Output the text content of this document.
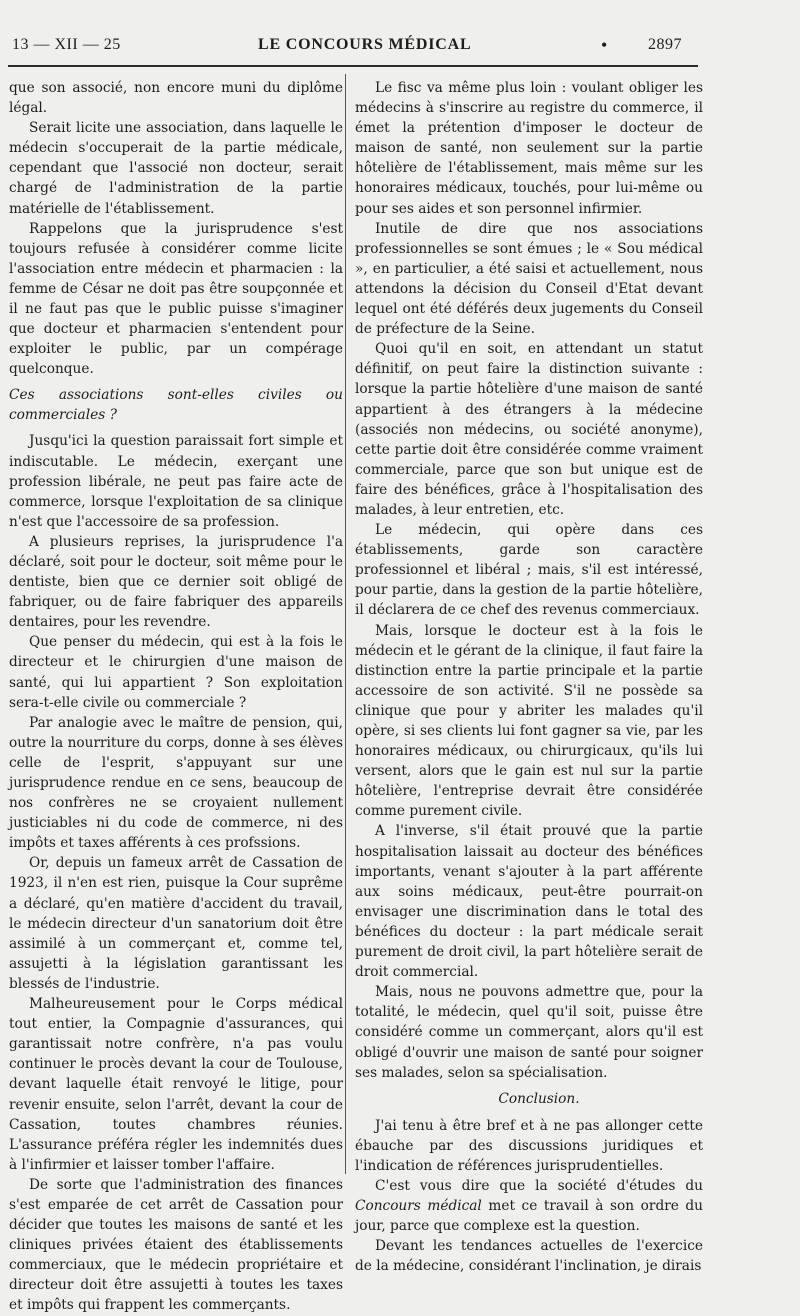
13 — XII — 25	LE CONCOURS MÉDICAL	•	2897

que son associé, non encore muni du diplôme légal.

Serait licite une association, dans laquelle le médecin s'occuperait de la partie médicale, cependant que l'associé non docteur, serait chargé de l'administration de la partie matérielle de l'établissement.

Rappelons que la jurisprudence s'est toujours refusée à considérer comme licite l'association entre médecin et pharmacien : la femme de César ne doit pas être soupçonnée et il ne faut pas que le public puisse s'imaginer que docteur et pharmacien s'entendent pour exploiter le public, par un compérage quelconque.

Ces associations sont-elles civiles ou commerciales ?

Jusqu'ici la question paraissait fort simple et indiscutable. Le médecin, exerçant une profession libérale, ne peut pas faire acte de commerce, lorsque l'exploitation de sa clinique n'est que l'accessoire de sa profession.

A plusieurs reprises, la jurisprudence l'a déclaré, soit pour le docteur, soit même pour le dentiste, bien que ce dernier soit obligé de fabriquer, ou de faire fabriquer des appareils dentaires, pour les revendre.

Que penser du médecin, qui est à la fois le directeur et le chirurgien d'une maison de santé, qui lui appartient ? Son exploitation sera-t-elle civile ou commerciale ?

Par analogie avec le maître de pension, qui, outre la nourriture du corps, donne à ses élèves celle de l'esprit, s'appuyant sur une jurisprudence rendue en ce sens, beaucoup de nos confrères ne se croyaient nullement justiciables ni du code de commerce, ni des impôts et taxes afférents à ces profssions.

Or, depuis un fameux arrêt de Cassation de 1923, il n'en est rien, puisque la Cour suprême a déclaré, qu'en matière d'accident du travail, le médecin directeur d'un sanatorium doit être assimilé à un commerçant et, comme tel, assujetti à la législation garantissant les blessés de l'industrie.

Malheureusement pour le Corps médical tout entier, la Compagnie d'assurances, qui garantissait notre confrère, n'a pas voulu continuer le procès devant la cour de Toulouse, devant laquelle était renvoyé le litige, pour revenir ensuite, selon l'arrêt, devant la cour de Cassation, toutes chambres réunies. L'assurance préféra régler les indemnités dues à l'infirmier et laisser tomber l'affaire.

De sorte que l'administration des finances s'est emparée de cet arrêt de Cassation pour décider que toutes les maisons de santé et les cliniques privées étaient des établissements commerciaux, que le médecin propriétaire et directeur doit être assujetti à toutes les taxes et impôts qui frappent les commerçants.

Le fisc va même plus loin : voulant obliger les médecins à s'inscrire au registre du commerce, il émet la prétention d'imposer le docteur de maison de santé, non seulement sur la partie hôtelière de l'établissement, mais même sur les honoraires médicaux, touchés, pour lui-même ou pour ses aides et son personnel infirmier.

Inutile de dire que nos associations professionnelles se sont émues ; le « Sou médical », en particulier, a été saisi et actuellement, nous attendons la décision du Conseil d'Etat devant lequel ont été déférés deux jugements du Conseil de préfecture de la Seine.

Quoi qu'il en soit, en attendant un statut définitif, on peut faire la distinction suivante : lorsque la partie hôtelière d'une maison de santé appartient à des étrangers à la médecine (associés non médecins, ou société anonyme), cette partie doit être considérée comme vraiment commerciale, parce que son but unique est de faire des bénéfices, grâce à l'hospitalisation des malades, à leur entretien, etc.

Le médecin, qui opère dans ces établissements, garde son caractère professionnel et libéral ; mais, s'il est intéressé, pour partie, dans la gestion de la partie hôtelière, il déclarera de ce chef des revenus commerciaux.

Mais, lorsque le docteur est à la fois le médecin et le gérant de la clinique, il faut faire la distinction entre la partie principale et la partie accessoire de son activité. S'il ne possède sa clinique que pour y abriter les malades qu'il opère, si ses clients lui font gagner sa vie, par les honoraires médicaux, ou chirurgicaux, qu'ils lui versent, alors que le gain est nul sur la partie hôtelière, l'entreprise devrait être considérée comme purement civile.

A l'inverse, s'il était prouvé que la partie hospitalisation laissait au docteur des bénéfices importants, venant s'ajouter à la part afférente aux soins médicaux, peut-être pourrait-on envisager une discrimination dans le total des bénéfices du docteur : la part médicale serait purement de droit civil, la part hôtelière serait de droit commercial.

Mais, nous ne pouvons admettre que, pour la totalité, le médecin, quel qu'il soit, puisse être considéré comme un commerçant, alors qu'il est obligé d'ouvrir une maison de santé pour soigner ses malades, selon sa spécialisation.

Conclusion.

J'ai tenu à être bref et à ne pas allonger cette ébauche par des discussions juridiques et l'indication de références jurisprudentielles.

C'est vous dire que la société d'études du Concours médical met ce travail à son ordre du jour, parce que complexe est la question.

Devant les tendances actuelles de l'exercice de la médecine, considérant l'inclination, je dirais
